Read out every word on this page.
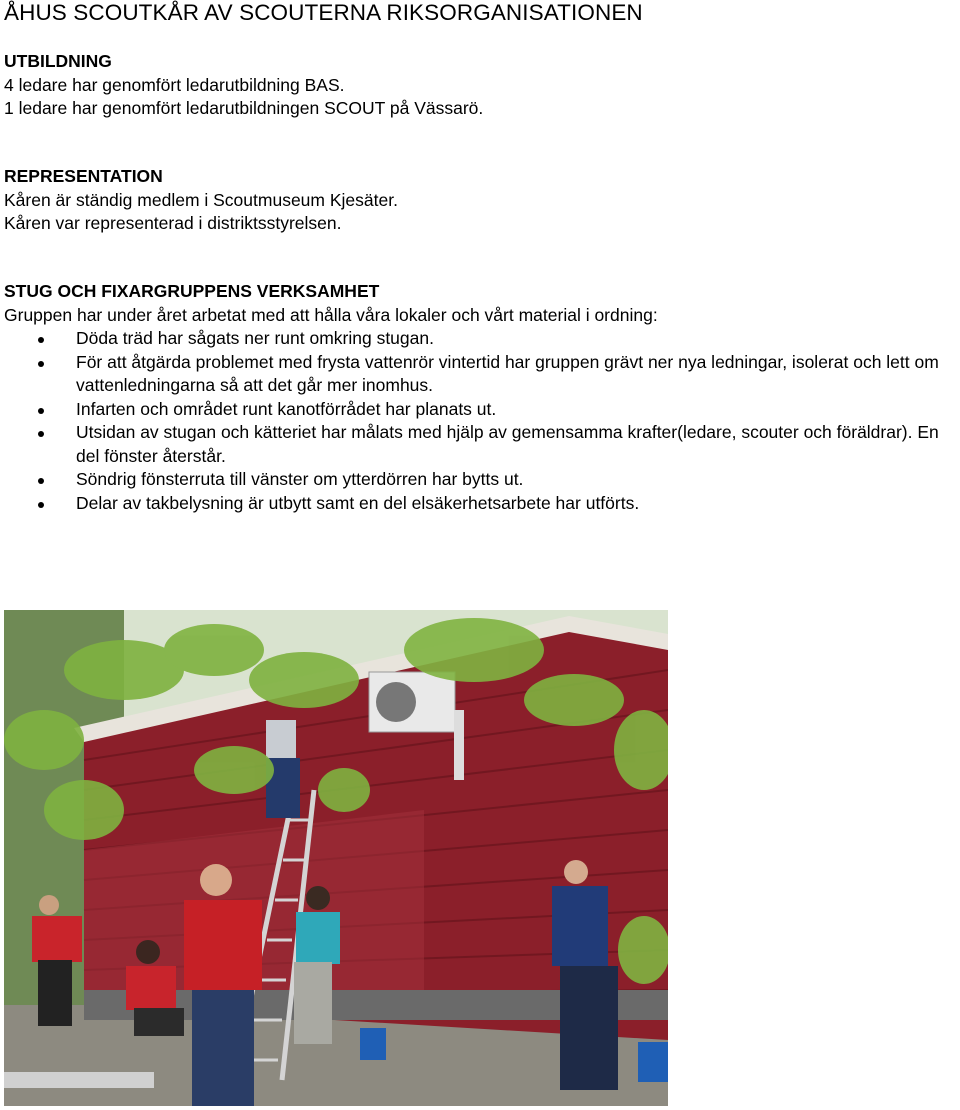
ÅHUS SCOUTKÅR AV SCOUTERNA RIKSORGANISATIONEN
UTBILDNING

4 ledare har genomfört ledarutbildning BAS.

1 ledare har genomfört ledarutbildningen SCOUT på Vässarö.

REPRESENTATION

Kåren är ständig medlem i Scoutmuseum Kjesäter.

Kåren var representerad i distriktsstyrelsen.

STUG OCH FIXARGRUPPENS VERKSAMHET

Gruppen har under året arbetat med att hålla våra lokaler och vårt material i ordning:

Döda träd har sågats ner runt omkring stugan.
För att åtgärda problemet med frysta vattenrör vintertid har gruppen grävt ner nya ledningar, isolerat och lett om vattenledningarna så att det går mer inomhus.
Infarten och området runt kanotförrådet har planats ut.
Utsidan av stugan och kätteriet har målats med hjälp av gemensamma krafter(ledare, scouter och föräldrar). En del fönster återstår.
Söndrig fönsterruta till vänster om ytterdörren har bytts ut.
Delar av takbelysning är utbytt samt en del elsäkerhetsarbete har utförts.
